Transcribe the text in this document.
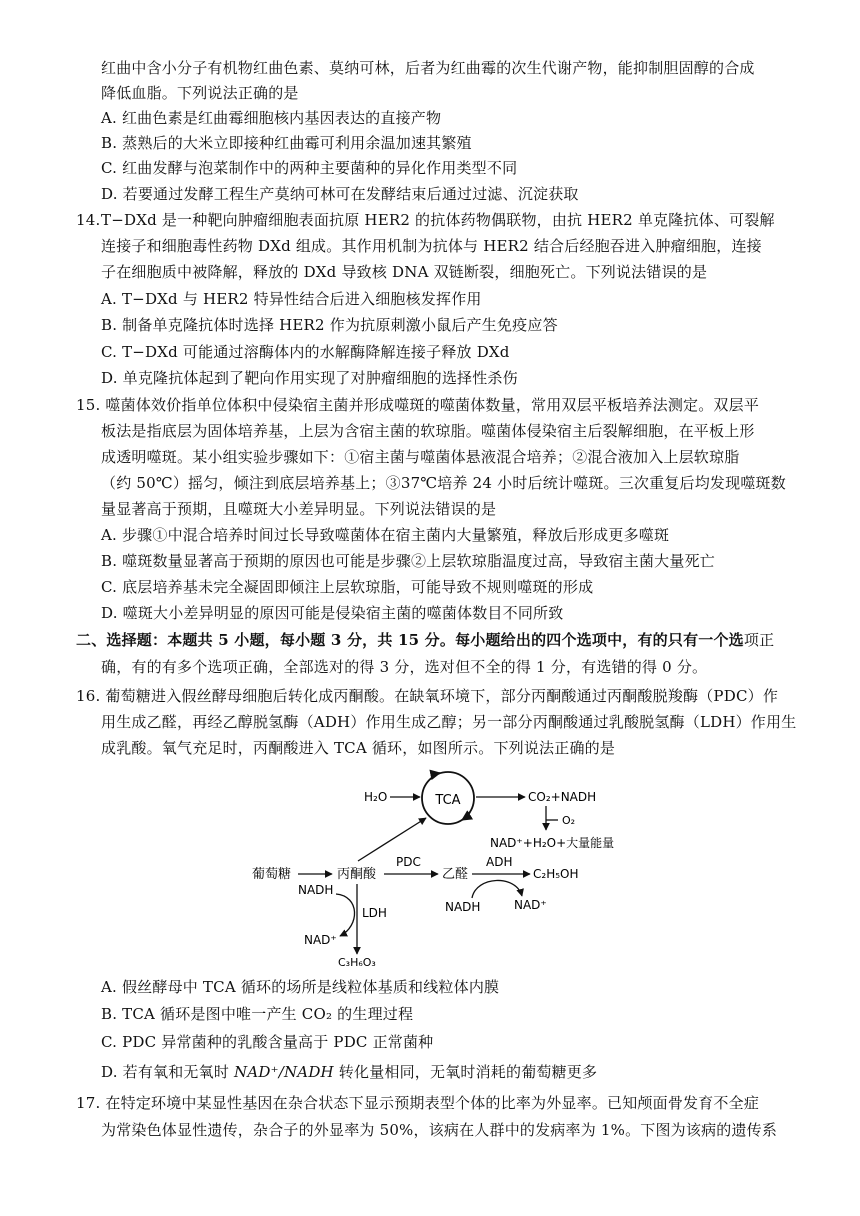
红曲中含小分子有机物红曲色素、莫纳可林，后者为红曲霉的次生代谢产物，能抑制胆固醇的合成
降低血脂。下列说法正确的是
A. 红曲色素是红曲霉细胞核内基因表达的直接产物
B. 蒸熟后的大米立即接种红曲霉可利用余温加速其繁殖
C. 红曲发酵与泡菜制作中的两种主要菌种的异化作用类型不同
D. 若要通过发酵工程生产莫纳可林可在发酵结束后通过过滤、沉淀获取
14. T−DXd 是一种靶向肿瘤细胞表面抗原 HER2 的抗体药物偶联物，由抗 HER2 单克隆抗体、可裂解
连接子和细胞毒性药物 DXd 组成。其作用机制为抗体与 HER2 结合后经胞吞进入肿瘤细胞，连接
子在细胞质中被降解，释放的 DXd 导致核 DNA 双链断裂，细胞死亡。下列说法错误的是
A. T−DXd 与 HER2 特异性结合后进入细胞核发挥作用
B. 制备单克隆抗体时选择 HER2 作为抗原刺激小鼠后产生免疫应答
C. T−DXd 可能通过溶酶体内的水解酶降解连接子释放 DXd
D. 单克隆抗体起到了靶向作用实现了对肿瘤细胞的选择性杀伤
15. 噬菌体效价指单位体积中侵染宿主菌并形成噬斑的噬菌体数量，常用双层平板培养法测定。双层平
板法是指底层为固体培养基，上层为含宿主菌的软琼脂。噬菌体侵染宿主后裂解细胞，在平板上形
成透明噬斑。某小组实验步骤如下：①宿主菌与噬菌体悬液混合培养；②混合液加入上层软琼脂
（约 50℃）摇匀，倾注到底层培养基上；③37℃培养 24 小时后统计噬斑。三次重复后均发现噬斑数
量显著高于预期，且噬斑大小差异明显。下列说法错误的是
A. 步骤①中混合培养时间过长导致噬菌体在宿主菌内大量繁殖，释放后形成更多噬斑
B. 噬斑数量显著高于预期的原因也可能是步骤②上层软琼脂温度过高，导致宿主菌大量死亡
C. 底层培养基未完全凝固即倾注上层软琼脂，可能导致不规则噬斑的形成
D. 噬斑大小差异明显的原因可能是侵染宿主菌的噬菌体数目不同所致
二、选择题：本题共 5 小题，每小题 3 分，共 15 分。每小题给出的四个选项中，有的只有一个选项正
确，有的有多个选项正确，全部选对的得 3 分，选对但不全的得 1 分，有选错的得 0 分。
16. 葡萄糖进入假丝酵母细胞后转化成丙酮酸。在缺氧环境下，部分丙酮酸通过丙酮酸脱羧酶（PDC）作
用生成乙醛，再经乙醇脱氢酶（ADH）作用生成乙醇；另一部分丙酮酸通过乳酸脱氢酶（LDH）作用生
成乳酸。氧气充足时，丙酮酸进入 TCA 循环，如图所示。下列说法正确的是
TCA
H₂O	CO₂+NADH
O₂
NAD⁺+H₂O+大量能量
葡萄糖	丙酮酸
PDC
乙醛
ADH
C₂H₅OH
NADH	NAD⁺
LDH
NADH
NAD⁺
C₃H₆O₃
A. 假丝酵母中 TCA 循环的场所是线粒体基质和线粒体内膜
B. TCA 循环是图中唯一产生 CO₂ 的生理过程
C. PDC 异常菌种的乳酸含量高于 PDC 正常菌种
D. 若有氧和无氧时 NAD⁺/NADH 转化量相同，无氧时消耗的葡萄糖更多
17. 在特定环境中某显性基因在杂合状态下显示预期表型个体的比率为外显率。已知颅面骨发育不全症
为常染色体显性遗传，杂合子的外显率为 50%，该病在人群中的发病率为 1%。下图为该病的遗传系
